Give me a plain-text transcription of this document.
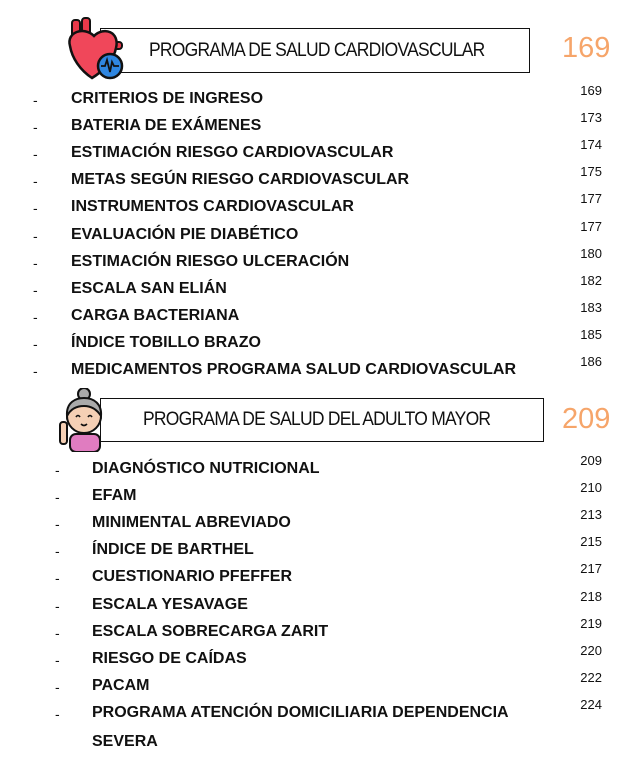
PROGRAMA DE SALUD CARDIOVASCULAR	169
- CRITERIOS DE INGRESO	169
- BATERIA DE EXÁMENES	173
- ESTIMACIÓN RIESGO CARDIOVASCULAR	174
- METAS SEGÚN RIESGO CARDIOVASCULAR	175
- INSTRUMENTOS CARDIOVASCULAR	177
- EVALUACIÓN PIE DIABÉTICO	177
- ESTIMACIÓN RIESGO ULCERACIÓN	180
- ESCALA SAN ELIÁN	182
- CARGA BACTERIANA	183
- ÍNDICE TOBILLO BRAZO	185
- MEDICAMENTOS PROGRAMA SALUD CARDIOVASCULAR	186
PROGRAMA DE SALUD DEL ADULTO MAYOR 209
- DIAGNÓSTICO NUTRICIONAL	209
- EFAM	210
- MINIMENTAL ABREVIADO	213
- ÍNDICE DE BARTHEL	215
- CUESTIONARIO PFEFFER	217
- ESCALA YESAVAGE	218
- ESCALA SOBRECARGA ZARIT	219
- RIESGO DE CAÍDAS	220
- PACAM	222
- PROGRAMA ATENCIÓN DOMICILIARIA DEPENDENCIA	224
SEVERA
